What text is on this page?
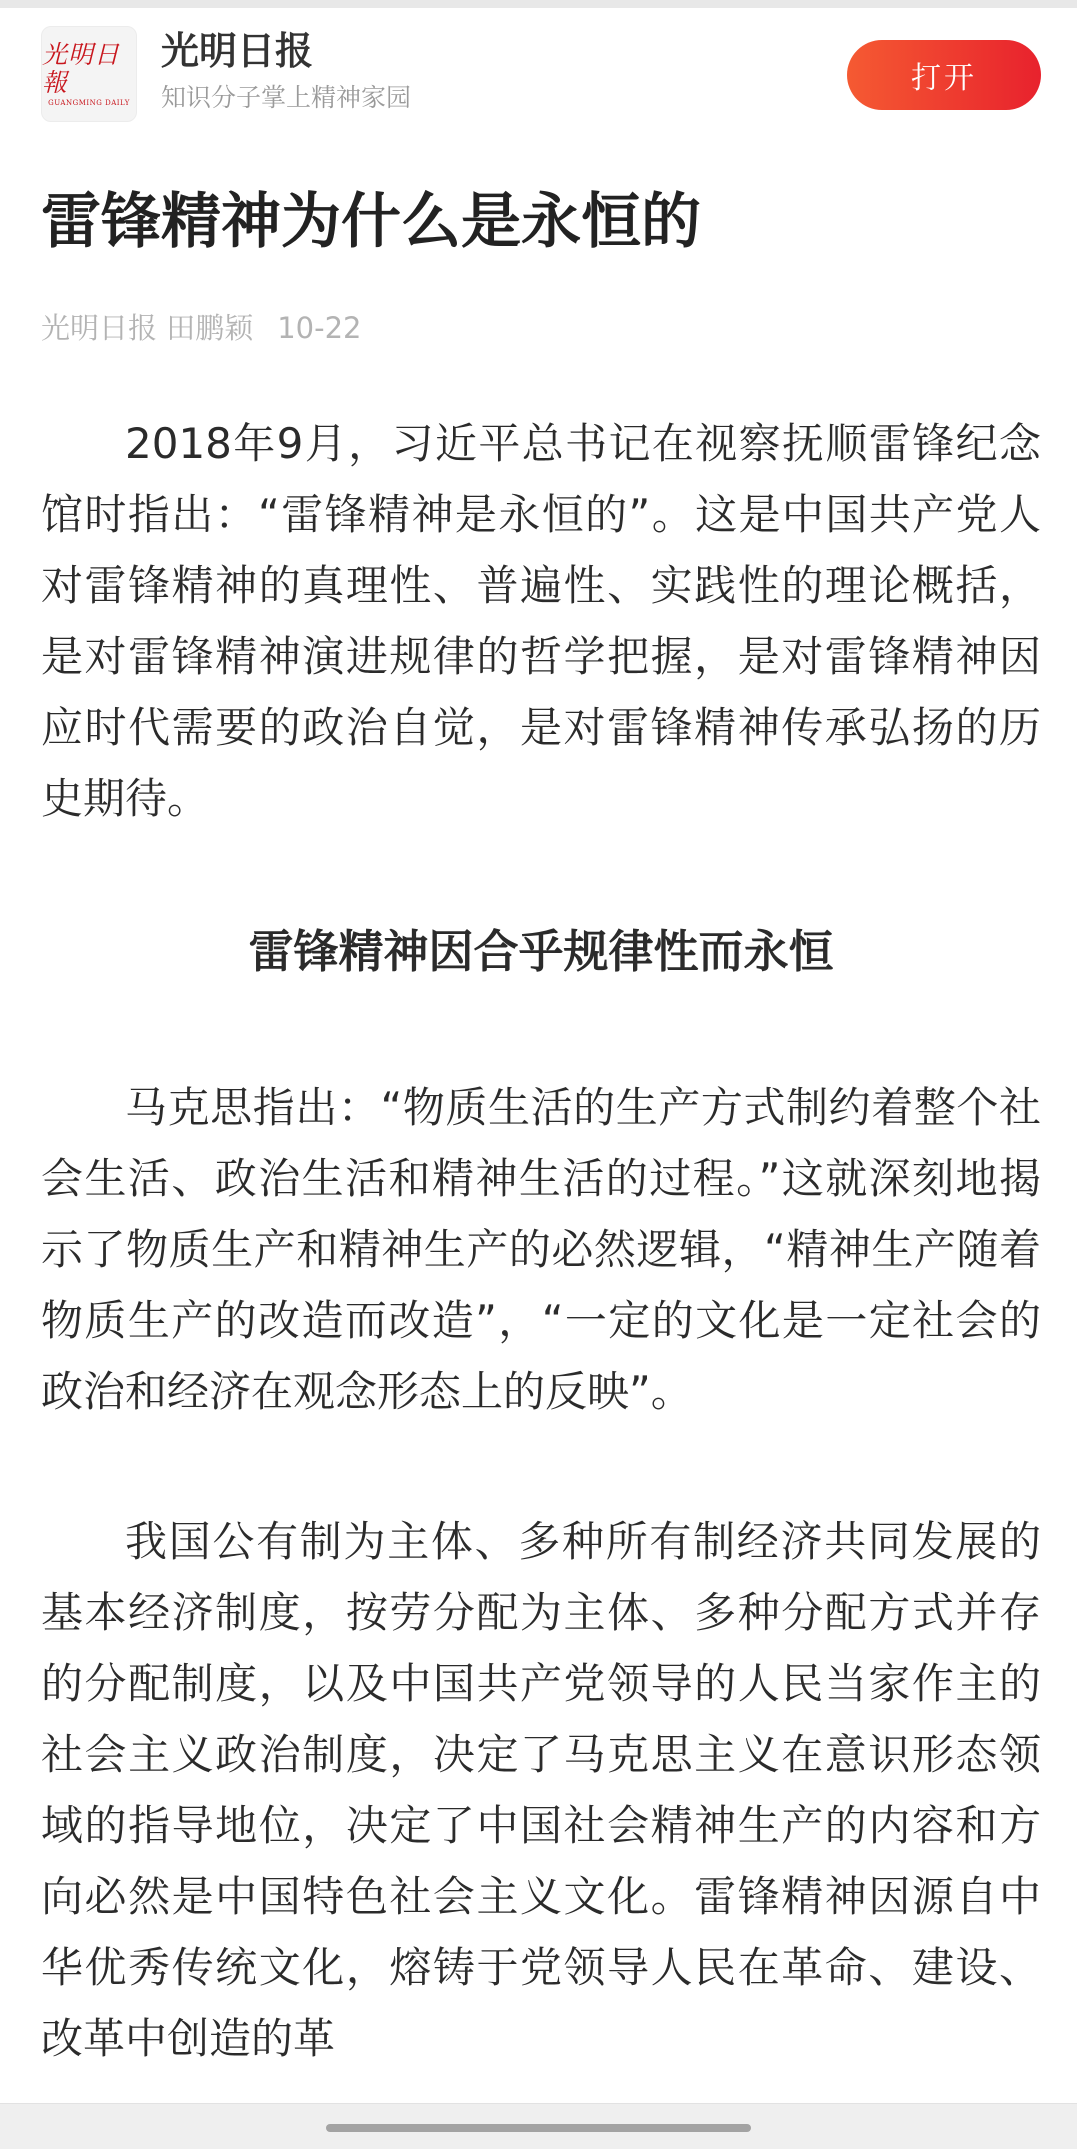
光明日報
GUANGMING DAILY
光明日报
知识分子掌上精神家园
打开
雷锋精神为什么是永恒的
光明日报 田鹏颖 10-22

2018年9月，习近平总书记在视察抚顺雷锋纪念馆时指出：“雷锋精神是永恒的”。这是中国共产党人对雷锋精神的真理性、普遍性、实践性的理论概括，是对雷锋精神演进规律的哲学把握，是对雷锋精神因应时代需要的政治自觉，是对雷锋精神传承弘扬的历史期待。

雷锋精神因合乎规律性而永恒

马克思指出：“物质生活的生产方式制约着整个社会生活、政治生活和精神生活的过程。”这就深刻地揭示了物质生产和精神生产的必然逻辑，“精神生产随着物质生产的改造而改造”，“一定的文化是一定社会的政治和经济在观念形态上的反映”。

我国公有制为主体、多种所有制经济共同发展的基本经济制度，按劳分配为主体、多种分配方式并存的分配制度，以及中国共产党领导的人民当家作主的社会主义政治制度，决定了马克思主义在意识形态领域的指导地位，决定了中国社会精神生产的内容和方向必然是中国特色社会主义文化。雷锋精神因源自中华优秀传统文化，熔铸于党领导人民在革命、建设、改革中创造的革
